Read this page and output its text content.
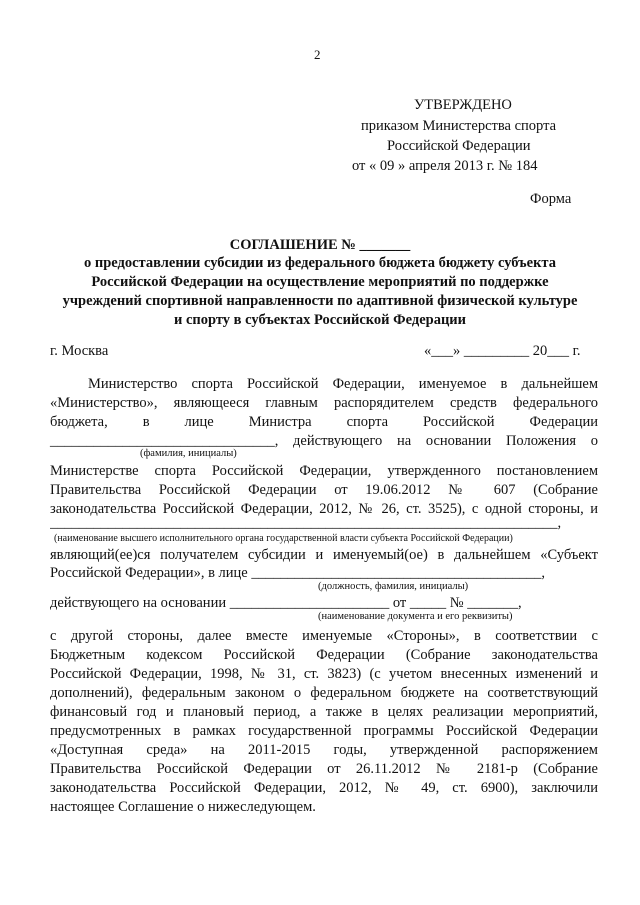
2
УТВЕРЖДЕНО
приказом Министерства спорта
Российской Федерации
от « 09 » апреля 2013 г. № 184
Форма
СОГЛАШЕНИЕ № _______
о предоставлении субсидии из федерального бюджета бюджету субъекта
Российской Федерации на осуществление мероприятий по поддержке
учреждений спортивной направленности по адаптивной физической культуре
и спорту в субъектах Российской Федерации
г. Москва	«___» _________ 20___ г.
Министерство спорта Российской Федерации, именуемое в дальнейшем
«Министерство», являющееся главным распорядителем средств федерального
бюджета, в лице Министра спорта Российской Федерации
_______________________________, действующего на основании Положения о
(фамилия, инициалы)
Министерстве спорта Российской Федерации, утвержденного постановлением
Правительства Российской Федерации от 19.06.2012 № 607 (Собрание
законодательства Российской Федерации, 2012, № 26, ст. 3525), с одной стороны, и
______________________________________________________________________,
(наименование высшего исполнительного органа государственной власти субъекта Российской Федерации)
являющий(ее)ся получателем субсидии и именуемый(ое) в дальнейшем «Субъект
Российской Федерации», в лице ________________________________________,
(должность, фамилия, инициалы)
действующего на основании ______________________ от _____ № _______,
(наименование документа и его реквизиты)
с другой стороны, далее вместе именуемые «Стороны», в соответствии с
Бюджетным кодексом Российской Федерации (Собрание законодательства
Российской Федерации, 1998, № 31, ст. 3823) (с учетом внесенных изменений и
дополнений), федеральным законом о федеральном бюджете на соответствующий
финансовый год и плановый период, а также в целях реализации мероприятий,
предусмотренных в рамках государственной программы Российской Федерации
«Доступная среда» на 2011-2015 годы, утвержденной распоряжением
Правительства Российской Федерации от 26.11.2012 № 2181-р (Собрание
законодательства Российской Федерации, 2012, № 49, ст. 6900), заключили
настоящее Соглашение о нижеследующем.
